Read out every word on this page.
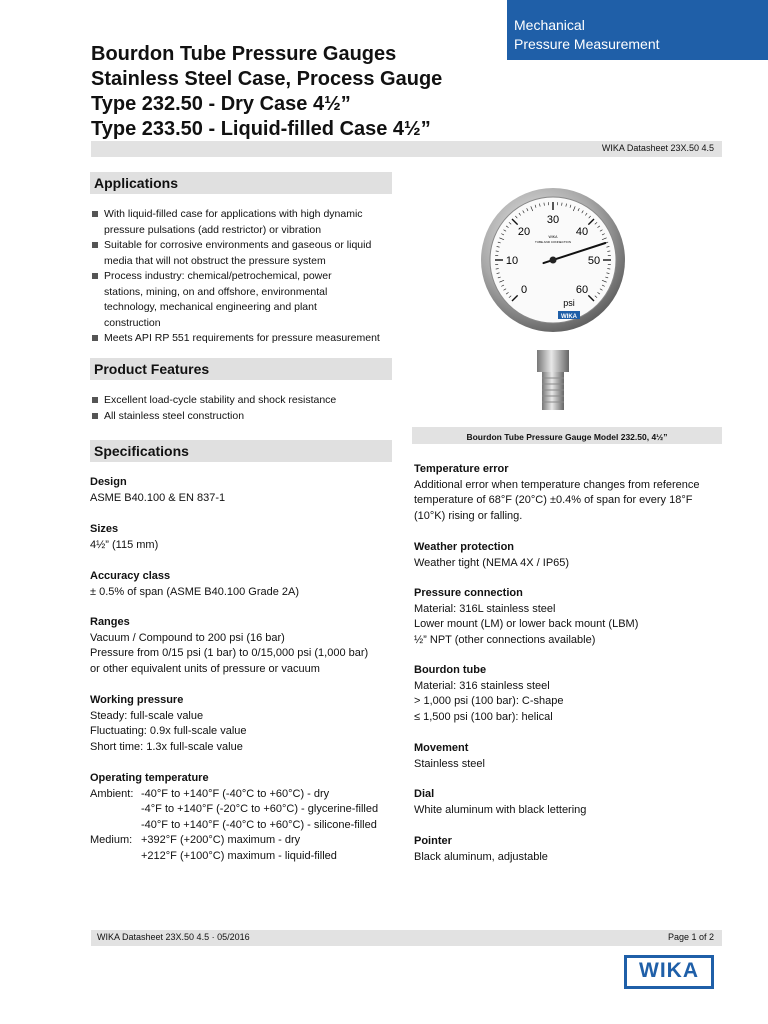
Mechanical
Pressure Measurement
Bourdon Tube Pressure Gauges
Stainless Steel Case, Process Gauge
Type 232.50 - Dry Case 4½”
Type 233.50 - Liquid-filled Case 4½”
WIKA Datasheet 23X.50 4.5
Applications
With liquid-filled case for applications with high dynamic
pressure pulsations (add restrictor) or vibration
Suitable for corrosive environments and gaseous or liquid
media that will not obstruct the pressure system
Process industry: chemical/petrochemical, power
stations, mining, on and offshore, environmental
technology, mechanical engineering and plant
construction
Meets API RP 551 requirements for pressure measurement
Product Features
Excellent load-cycle stability and shock resistance
All stainless steel construction
Specifications
Design
ASME B40.100 & EN 837-1
Sizes
4½” (115 mm)
Accuracy class
± 0.5% of span (ASME B40.100 Grade 2A)
Ranges
Vacuum / Compound to 200 psi (16 bar)
Pressure from 0/15 psi (1 bar) to 0/15,000 psi (1,000 bar)
or other equivalent units of pressure or vacuum
Working pressure
Steady: full-scale value
Fluctuating: 0.9x full-scale value
Short time: 1.3x full-scale value
Operating temperature
Ambient: -40°F to +140°F (-40°C to +60°C) - dry
-4°F to +140°F (-20°C to +60°C) - glycerine-filled
-40°F to +140°F (-40°C to +60°C) - silicone-filled
Medium: +392°F (+200°C) maximum - dry
+212°F (+100°C) maximum - liquid-filled
0
10
20
30
40
50
60
WIKA
TUBE AND CONNECTION
psi
WIKA
Bourdon Tube Pressure Gauge Model 232.50, 4½”
Temperature error
Additional error when temperature changes from reference
temperature of 68°F (20°C) ±0.4% of span for every 18°F
(10°K) rising or falling.
Weather protection
Weather tight (NEMA 4X / IP65)
Pressure connection
Material: 316L stainless steel
Lower mount (LM) or lower back mount (LBM)
½” NPT (other connections available)
Bourdon tube
Material: 316 stainless steel
> 1,000 psi (100 bar): C-shape
≤ 1,500 psi (100 bar): helical
Movement
Stainless steel
Dial
White aluminum with black lettering
Pointer
Black aluminum, adjustable
WIKA Datasheet 23X.50 4.5 · 05/2016	Page 1 of 2
WIKA
